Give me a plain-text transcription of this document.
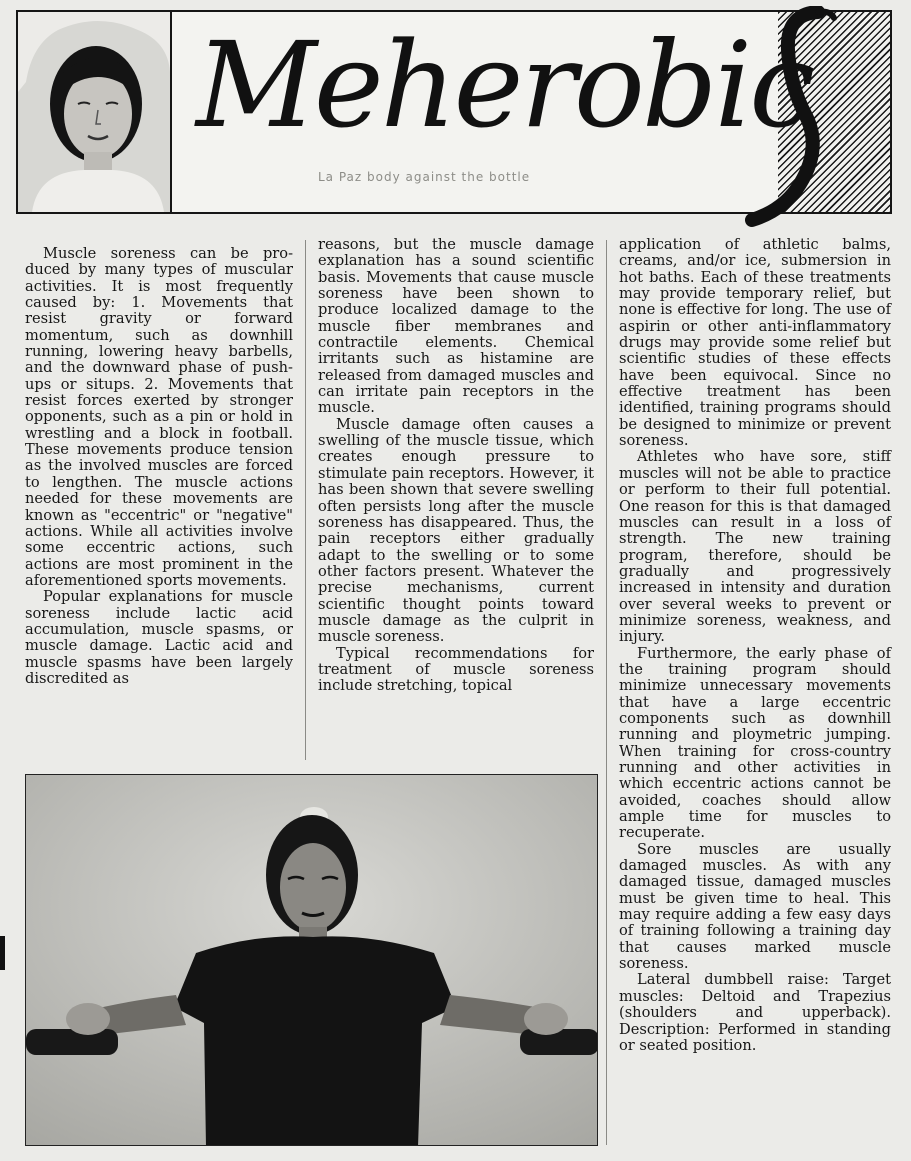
La Paz body against the bottle
Meherobic

Muscle soreness can be produced by many types of muscular activities. It is most frequently caused by: 1. Movements that resist gravity or forward momentum, such as downhill running, lowering heavy barbells, and the downward phase of push-ups or situps. 2. Movements that resist forces exerted by stronger opponents, such as a pin or hold in wrestling and a block in football. These movements produce tension as the involved muscles are forced to lengthen. The muscle actions needed for these movements are known as "eccentric" or "negative" actions. While all activities involve some eccentric actions, such actions are most prominent in the aforementioned sports movements.

Popular explanations for muscle soreness include lactic acid accumulation, muscle spasms, or muscle damage. Lactic acid and muscle spasms have been largely discredited as

reasons, but the muscle damage explanation has a sound scientific basis. Movements that cause muscle soreness have been shown to produce localized damage to the muscle fiber membranes and contractile elements. Chemical irritants such as histamine are released from damaged muscles and can irritate pain receptors in the muscle.

Muscle damage often causes a swelling of the muscle tissue, which creates enough pressure to stimulate pain receptors. However, it has been shown that severe swelling often persists long after the muscle soreness has disappeared. Thus, the pain receptors either gradually adapt to the swelling or to some other factors present. Whatever the precise mechanisms, current scientific thought points toward muscle damage as the culprit in muscle soreness.

Typical recommendations for treatment of muscle soreness include stretching, topical

application of athletic balms, creams, and/or ice, submersion in hot baths. Each of these treatments may provide temporary relief, but none is effective for long. The use of aspirin or other anti-inflammatory drugs may provide some relief but scientific studies of these effects have been equivocal. Since no effective treatment has been identified, training programs should be designed to minimize or prevent soreness.

Athletes who have sore, stiff muscles will not be able to practice or perform to their full potential. One reason for this is that damaged muscles can result in a loss of strength. The new training program, therefore, should be gradually and progressively increased in intensity and duration over several weeks to prevent or minimize soreness, weakness, and injury.

Furthermore, the early phase of the training program should minimize unnecessary movements that have a large eccentric components such as downhill running and ploymetric jumping. When training for cross-country running and other activities in which eccentric actions cannot be avoided, coaches should allow ample time for muscles to recuperate.

Sore muscles are usually damaged muscles. As with any damaged tissue, damaged muscles must be given time to heal. This may require adding a few easy days of training following a training day that causes marked muscle soreness.

Lateral dumbbell raise: Target muscles: Deltoid and Trapezius (shoulders and upperback). Description: Performed in standing or seated position.
